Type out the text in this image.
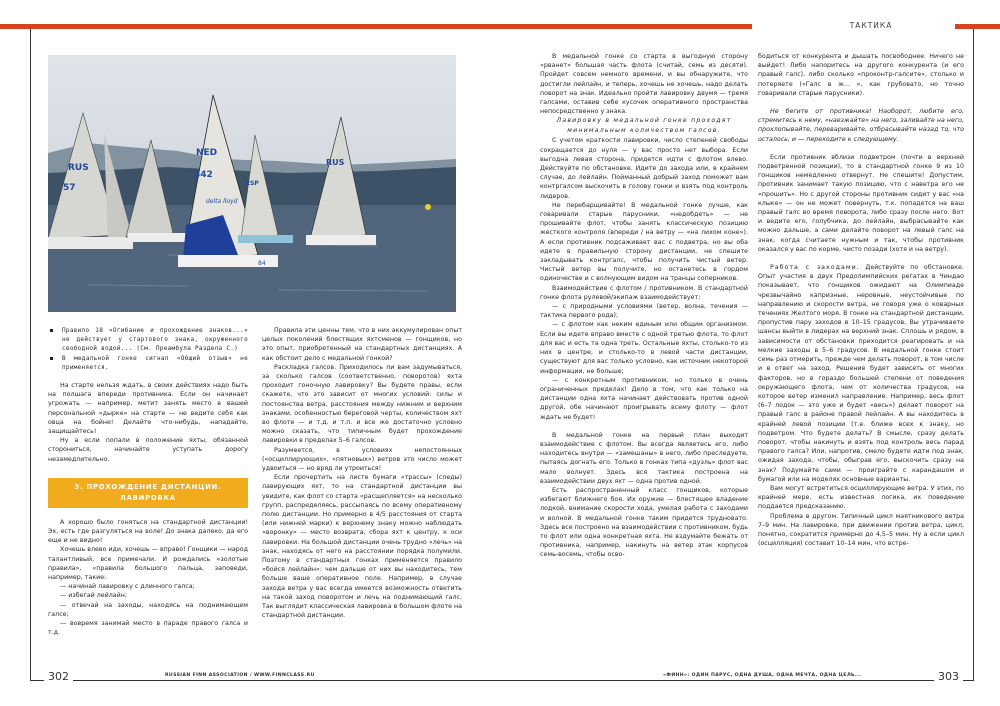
ТАКТИКА
RUS
57
NED
842
delta lloyd
84
ESP
RUS
Правило 18 «Огибание и прохождение знаков...» не действует у стартового знака, окруженного свободной водой... (См. Преамбула Раздела С.)
В медальной гонке сигнал «Общий отзыв» не применяется.

На старте нельзя ждать, в своих действиях надо быть на полшага впереди противника. Если он начинает угрожать — например, метит занять место в вашей персональной «дырке» на старте — не ведите себя как овца на бойне! Делайте что-нибудь, нападайте, защищайтесь!

Ну а если попали в положение яхты, обязанной сторониться, начинайте уступать дорогу незамедлительно.

3. ПРОХОЖДЕНИЕ ДИСТАНЦИИ. ЛАВИРОВКА

А хорошо было гоняться на стандартной дистанции! Эх, есть где разгуляться на воле! До знака далеко, да его еще и не видно!

Хочешь влево иди, хочешь — вправо! Гонщики — народ талантливый, все примечали. И рождались «золотые правила», «правила большого пальца, заповеди, например, такие:

— начинай лавировку с длинного галса;

— избегай лейлайн;

— отвечай на заходы, находясь на поднимающем галсе;

— вовремя занимай место в параде правого галса и т.д.

Правила эти ценны тем, что в них аккумулирован опыт целых поколений блестящих яхтсменов — гонщиков, но это опыт, приобретенный на стандартных дистанциях. А как обстоит дело с медальной гонкой?

Раскладка галсов. Приходилось ли вам задумываться, за сколько галсов (соответственно, поворотов) яхта проходит гоночную лавировку? Вы будете правы, если скажете, что это зависит от многих условий: силы и постоянства ветра, расстояния между нижним и верхним знаками, особенностью береговой черты, количеством яхт во флоте — и т.д. и т.п. и все же достаточно условно можно сказать, что типичным будет прохождение лавировки в пределах 5–6 галсов.

Разумеется, в условиях непостоянных («осциллирующих», «пятновых») ветров это число может удвоиться — но вряд ли утроиться!

Если прочертить на листе бумаги «трассы» (следы) лавирующих яхт, то на стандартной дистанции вы увидите, как флот со старта «расщепляется» на несколько групп, распределяясь, рассыпаясь по всему оперативному полю дистанции. Но примерно в 4/5 расстояния от старта (или нижней марки) к верхнему знаку можно наблюдать «воронку» — место возврата, сбора яхт к центру, к оси лавировки. На большой дистанции очень трудно «лечь» на знак, находясь от него на расстоянии порядка полумили. Поэтому в стандартных гонках применяется правило «бойся лейлайн»: чем дальше от них вы находитесь, тем больше ваше оперативное поле. Например, в случае захода ветра у вас всегда имеется возможность ответить на такой заход поворотом и лечь на поднимающий галс. Так выглядит классическая лавировка в большом флоте на стандартной дистанции.

В медальной гонке со старта в выгодную сторону «рванет» большая часть флота (считай, семь из десяти). Пройдет совсем немного времени, и вы обнаружите, что достигли лейлайн, и теперь, хочешь не хочешь, надо делать поворот на знак. Идеально пройти лавировку двумя — тремя галсами, оставив себе кусочек оперативного пространства непосредственно у знака.

Лавировку в медальной гонке проходят минимальным количеством галсов.

С учетом краткости лавировки, число степеней свободы сокращается до нуля — у вас просто нет выбора. Если выгодна левая сторона, придется идти с флотом влево. Действуйте по обстановке. Идите до захода или, в крайнем случае, до лейлайн. Пойманный добрый заход поможет вам контргалсом выскочить в голову гонки и взять под контроль лидеров.

Не перебарщивайте! В медальной гонке лучше, как говаривали старые парусники, «недобдеть» — не прошивайте флот, чтобы занять классическую позицию жесткого контроля (впереди / на ветру — «на лихом коне»). А если противник подсаживает вас с подветра, но вы оба идете в правильную сторону дистанции, не спешите закладывать контргалс, чтобы получить чистый ветер. Чистый ветер вы получите, но останетесь в гордом одиночестве и с волнующим видом на транцы соперников.

Взаимодействие с флотом / противником. В стандартной гонке флота рулевой/экипаж взаимодействует:

— с природными условиями (ветер, волна, течения — тактика первого рода);

— с флотом как неким единым или общим организмом. Если вы идете вправо вместе с одной третью флота, то флот для вас и есть та одна треть. Остальные яхты, столько-то из них в центре, и столько-то в левой части дистанции, существуют для вас только условно, как источник некоторой информации, не больше;

— с конкретным противником, но только в очень ограниченных пределах! Дело в том, что как только на дистанции одна яхта начинает действовать против одной другой, обе начинают проигрывать всему флоту — флот ждать не будет!

В медальной гонке на первый план выходит взаимодействие с флотом. Вы всегда являетесь его, либо находитесь внутри — «замешаны» в него, либо преследуете, пытаясь догнать его. Только в гонках типа «дуэль» флот вас мало волнует. Здесь вся тактика построена на взаимодействии двух яхт — одна против одной.

Есть распространенный класс гонщиков, которые избегают ближнего боя. Их оружие — блестящее владение лодкой, внимание скорости хода, умелая работа с заходами и волной. В медальной гонке таким придется трудновато. Здесь все построено на взаимодействии с противником, будь то флот или одна конкретная яхта. Не вздумайте бежать от противника, например, накинуть на ветер этак корпусов семь-восемь, чтобы осво-

бодиться от конкурента и дышать посвободнее. Ничего не выйдет! Либо напоритесь на другого конкурента (и его правый галс), либо сколько «проконтр-галсите», столько и потеряете («Галс в ж... », как грубовато, но точно говаривали старые парусники).

Не бегите от противника! Наоборот, любите его, стремитесь к нему, «наезжайте» на него, заливайте на него, прохлопывайте, переваривайте, отбрасывайте назад то, что осталось, и — переходите к следующему.

Если противник вблизи подветром (почти в верхней подветренной позиции), то в стандартной гонке 9 из 10 гонщиков немедленно отвернут. Не спешите! Допустим, противник занимает такую позицию, что с наветра его не «прошить». Но с другой стороны противник сидит у вас «на клыке» — он не может повернуть, т.к. попадется на ваш правый галс во время поворота, либо сразу после него. Вот и ведите его, голубчика, до лейлайн, выбрасывайте как можно дальше, а сами делайте поворот на левый галс на знак, когда считаете нужным и так, чтобы противник оказался у вас по корме, чисто позади (хотя и на ветру).

Работа с заходами. Действуйте по обстановке. Опыт участия в двух Предолимпийских регатах в Чиндао показывает, что гонщиков ожидают на Олимпиаде чрезвычайно капризные, неровные, неустойчивые по направлению и скорости ветра, не говоря уже о коварных течениях Желтого моря. В гонке на стандартной дистанции, пропустив пару заходов в 10–15 градусов, Вы утрачиваете шансы выйти в лидерах на верхний знак. Сплошь и рядом, в зависимости от обстановки приходится реагировать и на мелкие заходы в 5–6 градусов. В медальной гонке стоит семь раз отмерить, прежде чем делать поворот, в том числе и в ответ на заход. Решение будет зависеть от многих факторов, но в гораздо большей степени от поведения окружающего флота, чем от количества градусов, на которое ветер изменил направление. Например, весь флот (6–7 лодок — это уже и будет «весь») делает поворот на правый галс в районе правой лейлайн. А вы находитесь в крайней левой позиции (т.е. ближе всех к знаку, но подветром. Что будете делать? В смысле, сразу делать поворот, чтобы накинуть и взять под контроль весь парад правого галса? Или, напротив, смело будете идти под знак, ожидая захода, чтобы, обыграв его, выскочить сразу на знак? Подумайте сами — проиграйте с карандашом и бумагой или на моделях основные варианты.

Вам могут встретиться осциллирующие ветра. У этих, по крайней мере, есть известная логика, их поведение поддается предсказанию.

Проблема в другом. Типичный цикл маятникового ветра 7–9 мин. На лавировке, при движении против ветра, цикл, понятно, сократится примерно до 4,5–5 мин. Ну а если цикл (осцилляция) составит 10–14 мин, что встре-

302	RUSSIAN FINN ASSOCIATION / WWW.FINNCLASS.RU	«ФИНН»: ОДИН ПАРУС, ОДНА ДУША, ОДНА МЕЧТА, ОДНА ЦЕЛЬ...	303
